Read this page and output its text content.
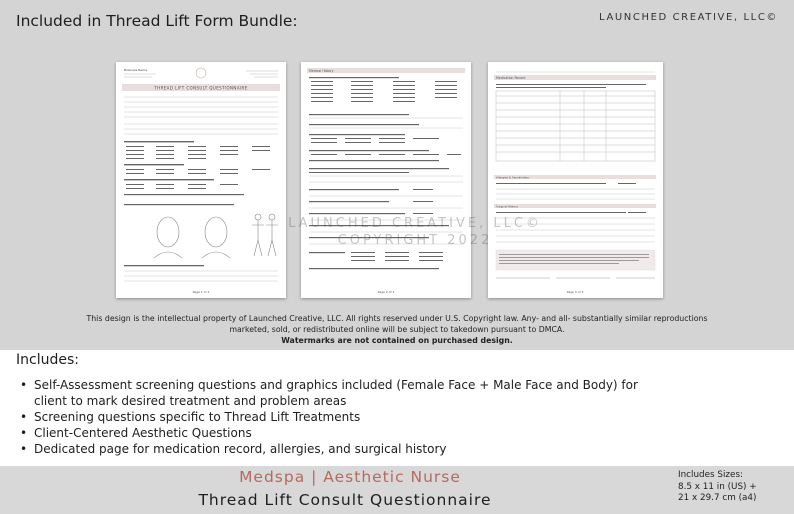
Included in Thread Lift Form Bundle:	LAUNCHED CREATIVE, LLC©
Business Name
THREAD LIFT CONSULT QUESTIONNAIRE
Page 1 of 3
Medical History
Page 2 of 3
Medication Record
Allergies & Sensitivities
Surgical History
Page 3 of 3
LAUNCHED CREATIVE, LLC©
COPYRIGHT 2022
This design is the intellectual property of Launched Creative, LLC. All rights reserved under U.S. Copyright law. Any- and all- substantially similar reproductions
marketed, sold, or redistributed online will be subject to takedown pursuant to DMCA.
Watermarks are not contained on purchased design.
Includes:
• Self-Assessment screening questions and graphics included (Female Face + Male Face and Body) for
client to mark desired treatment and problem areas
• Screening questions specific to Thread Lift Treatments
• Client-Centered Aesthetic Questions
• Dedicated page for medication record, allergies, and surgical history
Medspa | Aesthetic Nurse
Thread Lift Consult Questionnaire
Includes Sizes:
8.5 x 11 in (US) +
21 x 29.7 cm (a4)
